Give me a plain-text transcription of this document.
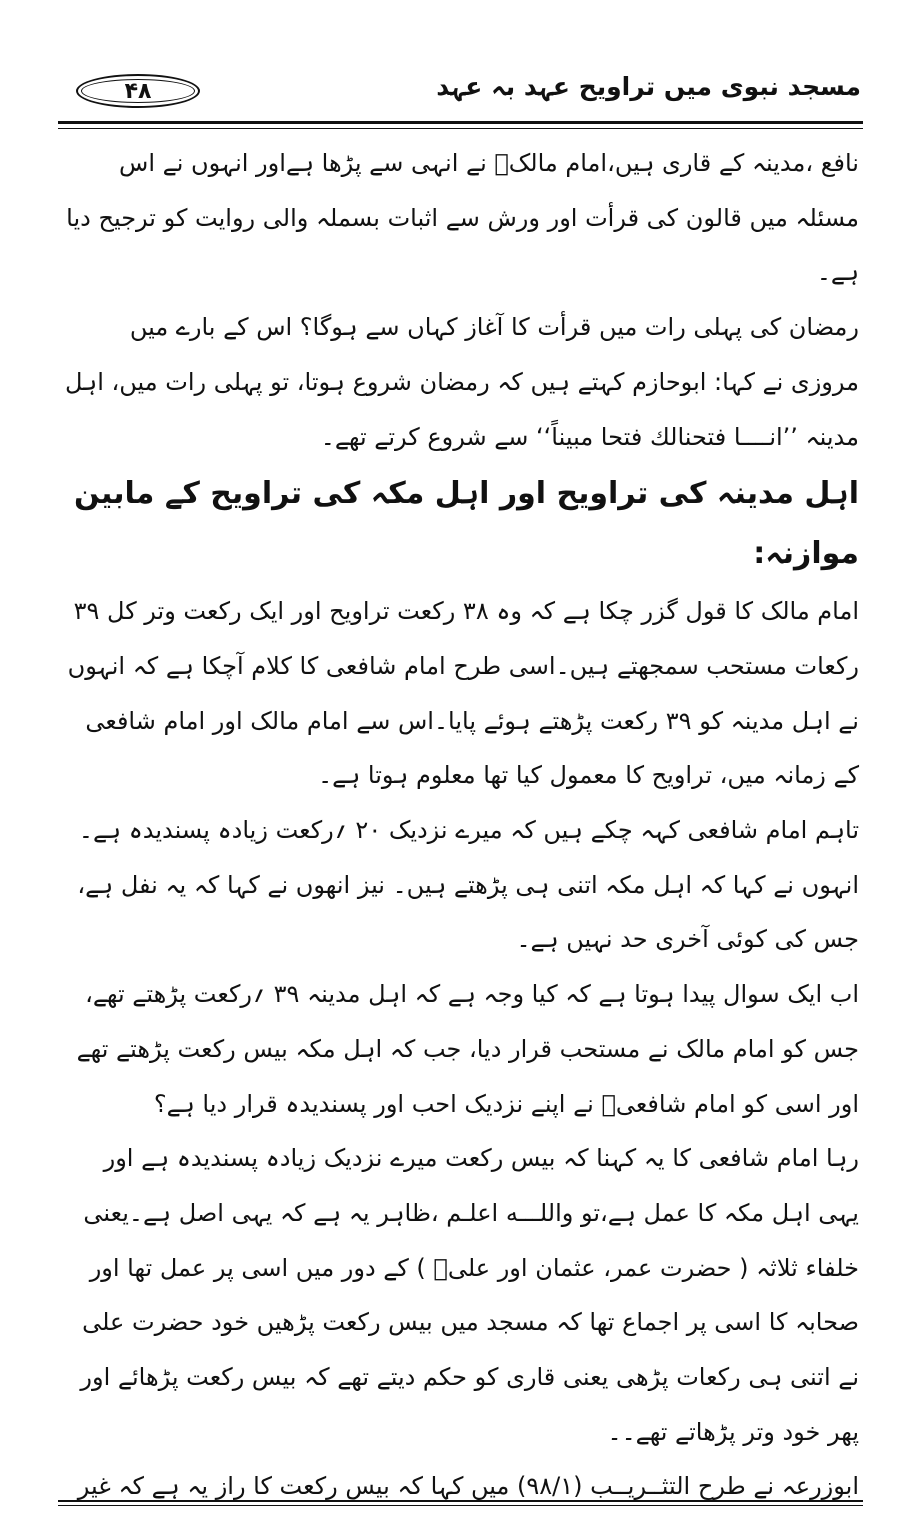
۴۸	مسجد نبوی میں تراویح عہد بہ عہد

نافع ،مدینہ کے قاری ہیں،امام مالکؒ نے انہی سے پڑھا ہےاور انہوں نے اس مسئلہ میں قالون کی قرأت اور ورش سے اثبات بسملہ والی روایت کو ترجیح دیا ہے۔

رمضان کی پہلی رات میں قرأت کا آغاز کہاں سے ہوگا؟ اس کے بارے میں مروزی نے کہا: ابوحازم کہتے ہیں کہ رمضان شروع ہوتا، تو پہلی رات میں، اہل مدینہ ’’انــــا فتحنالك فتحا مبيناً‘‘ سے شروع کرتے تھے۔

اہل مدینہ کی تراویح اور اہل مکہ کی تراویح کے مابین موازنہ:

امام مالک کا قول گزر چکا ہے کہ وہ ۳۸ رکعت تراویح اور ایک رکعت وتر کل ۳۹ رکعات مستحب سمجھتے ہیں۔اسی طرح امام شافعی کا کلام آچکا ہے کہ انہوں نے اہل مدینہ کو ۳۹ رکعت پڑھتے ہوئے پایا۔اس سے امام مالک اور امام شافعی کے زمانہ میں، تراویح کا معمول کیا تھا معلوم ہوتا ہے۔

تاہم امام شافعی کہہ چکے ہیں کہ میرے نزدیک ۲۰ ؍رکعت زیادہ پسندیدہ ہے۔ انہوں نے کہا کہ اہل مکہ اتنی ہی پڑھتے ہیں۔ نیز انھوں نے کہا کہ یہ نفل ہے، جس کی کوئی آخری حد نہیں ہے۔

اب ایک سوال پیدا ہوتا ہے کہ کیا وجہ ہے کہ اہل مدینہ ۳۹ ؍رکعت پڑھتے تھے، جس کو امام مالک نے مستحب قرار دیا، جب کہ اہل مکہ بیس رکعت پڑھتے تھے اور اسی کو امام شافعیؒ نے اپنے نزدیک احب اور پسندیدہ قرار دیا ہے؟

رہا امام شافعی کا یہ کہنا کہ بیس رکعت میرے نزدیک زیادہ پسندیدہ ہے اور یہی اہل مکہ کا عمل ہے،تو واللـــه اعلـم ،ظاہر یہ ہے کہ یہی اصل ہے۔یعنی خلفاء ثلاثہ ( حضرت عمر، عثمان اور علیؓ ) کے دور میں اسی پر عمل تھا اور صحابہ کا اسی پر اجماع تھا کہ مسجد میں بیس رکعت پڑھیں خود حضرت علی نے اتنی ہی رکعات پڑھی یعنی قاری کو حکم دیتے تھے کہ بیس رکعت پڑھائے اور پھر خود وتر پڑھاتے تھے۔۔

ابوزرعہ نے طرح التثــریــب (۹۸/۱) میں کہا کہ بیس رکعت کا راز یہ ہے کہ غیر
